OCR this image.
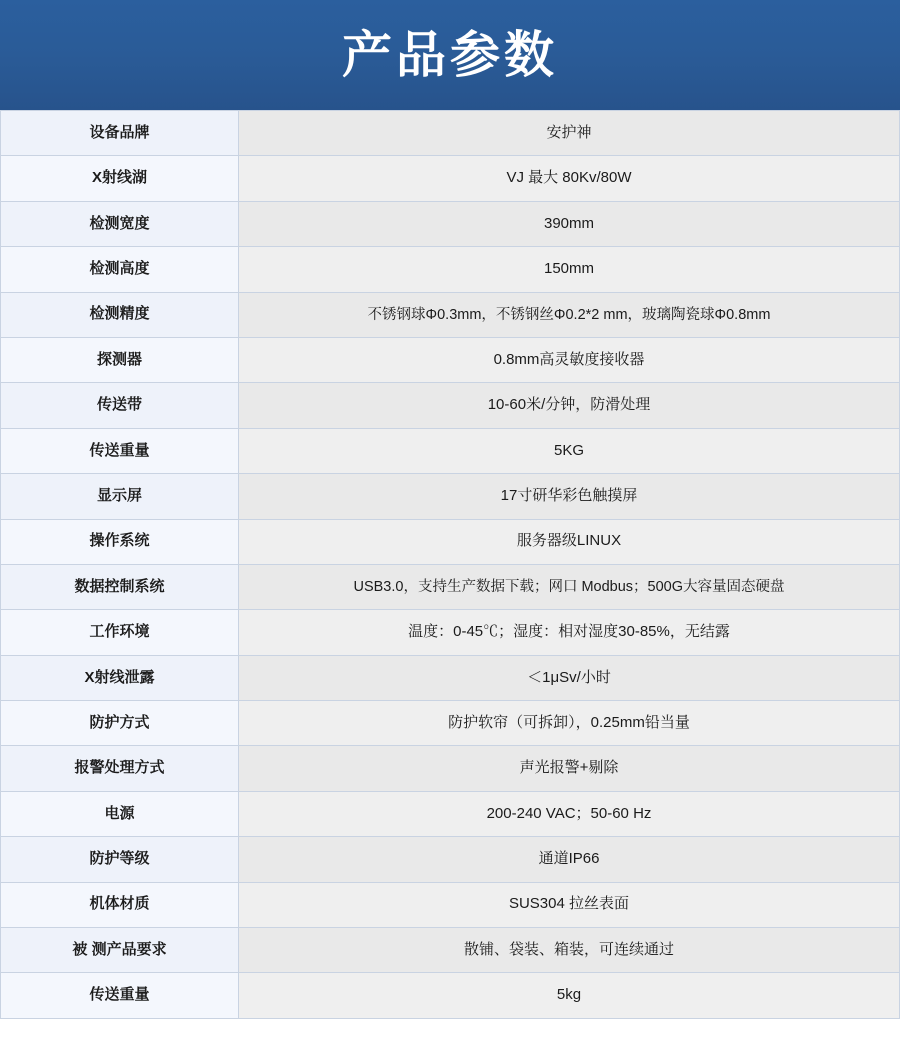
产品参数
设备品牌	安护神
X射线湖	VJ 最大 80Kv/80W
检测宽度	390mm
检测高度	150mm
检测精度	不锈钢球Φ0.3mm，不锈钢丝Φ0.2*2 mm，玻璃陶瓷球Φ0.8mm
探测器	0.8mm高灵敏度接收器
传送带	10-60米/分钟，防滑处理
传送重量	5KG
显示屏	17寸研华彩色触摸屏
操作系统	服务器级LINUX
数据控制系统	USB3.0，支持生产数据下载；网口 Modbus；500G大容量固态硬盘
工作环境	温度：0-45℃；湿度：相对湿度30-85%，无结露
X射线泄露	＜1μSv/小时
防护方式	防护软帘（可拆卸），0.25mm铅当量
报警处理方式	声光报警+剔除
电源	200-240 VAC；50-60 Hz
防护等级	通道IP66
机体材质	SUS304 拉丝表面
被 测产品要求	散铺、袋装、箱装，可连续通过
传送重量	5kg
